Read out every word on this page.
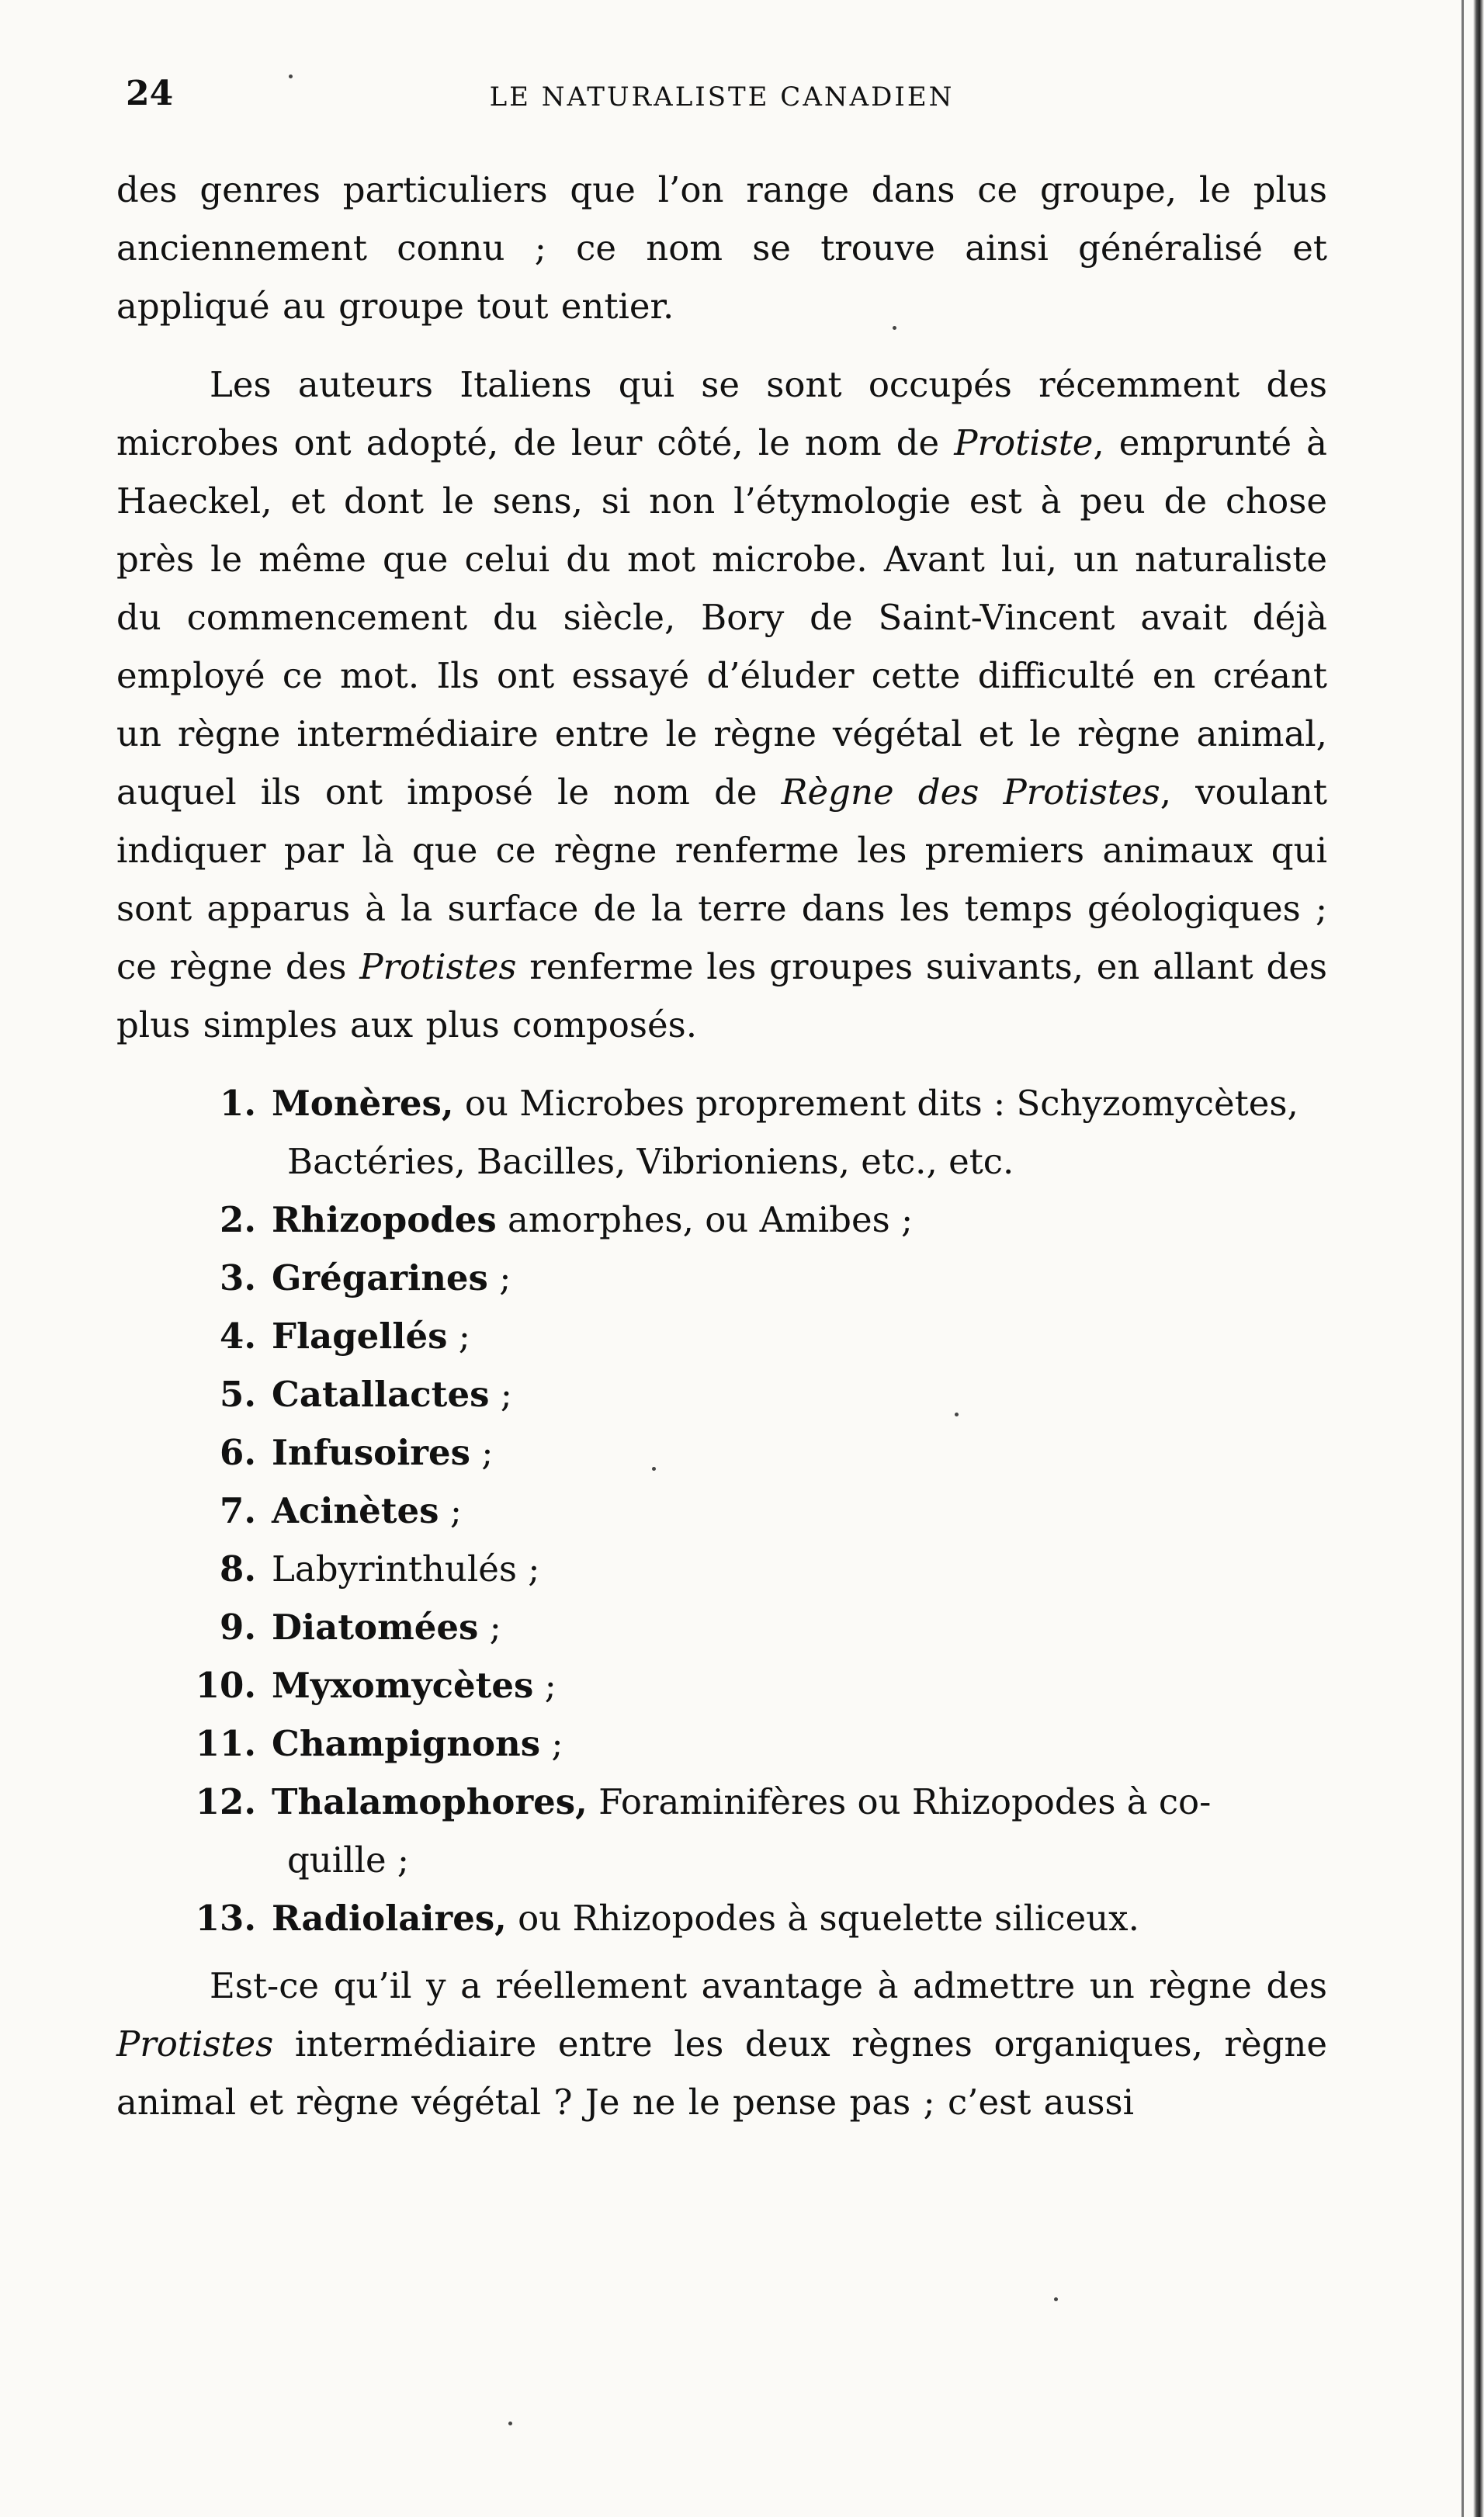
24	LE NATURALISTE CANADIEN

des genres particuliers que l’on range dans ce groupe, le plus anciennement connu ; ce nom se trouve ainsi généralisé et appliqué au groupe tout entier.

Les auteurs Italiens qui se sont occupés récemment des microbes ont adopté, de leur côté, le nom de Protiste, emprunté à Haeckel, et dont le sens, si non l’étymologie est à peu de chose près le même que celui du mot microbe. Avant lui, un naturaliste du commencement du siècle, Bory de Saint-Vincent avait déjà employé ce mot. Ils ont essayé d’éluder cette difficulté en créant un règne intermédiaire entre le règne végétal et le règne animal, auquel ils ont imposé le nom de Règne des Protistes, voulant indiquer par là que ce règne renferme les premiers animaux qui sont apparus à la surface de la terre dans les temps géologiques ; ce règne des Protistes renferme les groupes suivants, en allant des plus simples aux plus composés.

1. Monères, ou Microbes proprement dits : Schyzomycètes,
Bactéries, Bacilles, Vibrioniens, etc., etc.
2. Rhizopodes amorphes, ou Amibes ;
3. Grégarines ;
4. Flagellés ;
5. Catallactes ;
6. Infusoires ;
7. Acinètes ;
8. Labyrinthulés ;
9. Diatomées ;
10. Myxomycètes ;
11. Champignons ;
12. Thalamophores, Foraminifères ou Rhizopodes à co-
quille ;
13. Radiolaires, ou Rhizopodes à squelette siliceux.

Est-ce qu’il y a réellement avantage à admettre un règne des Protistes intermédiaire entre les deux règnes organiques, règne animal et règne végétal ? Je ne le pense pas ; c’est aussi
